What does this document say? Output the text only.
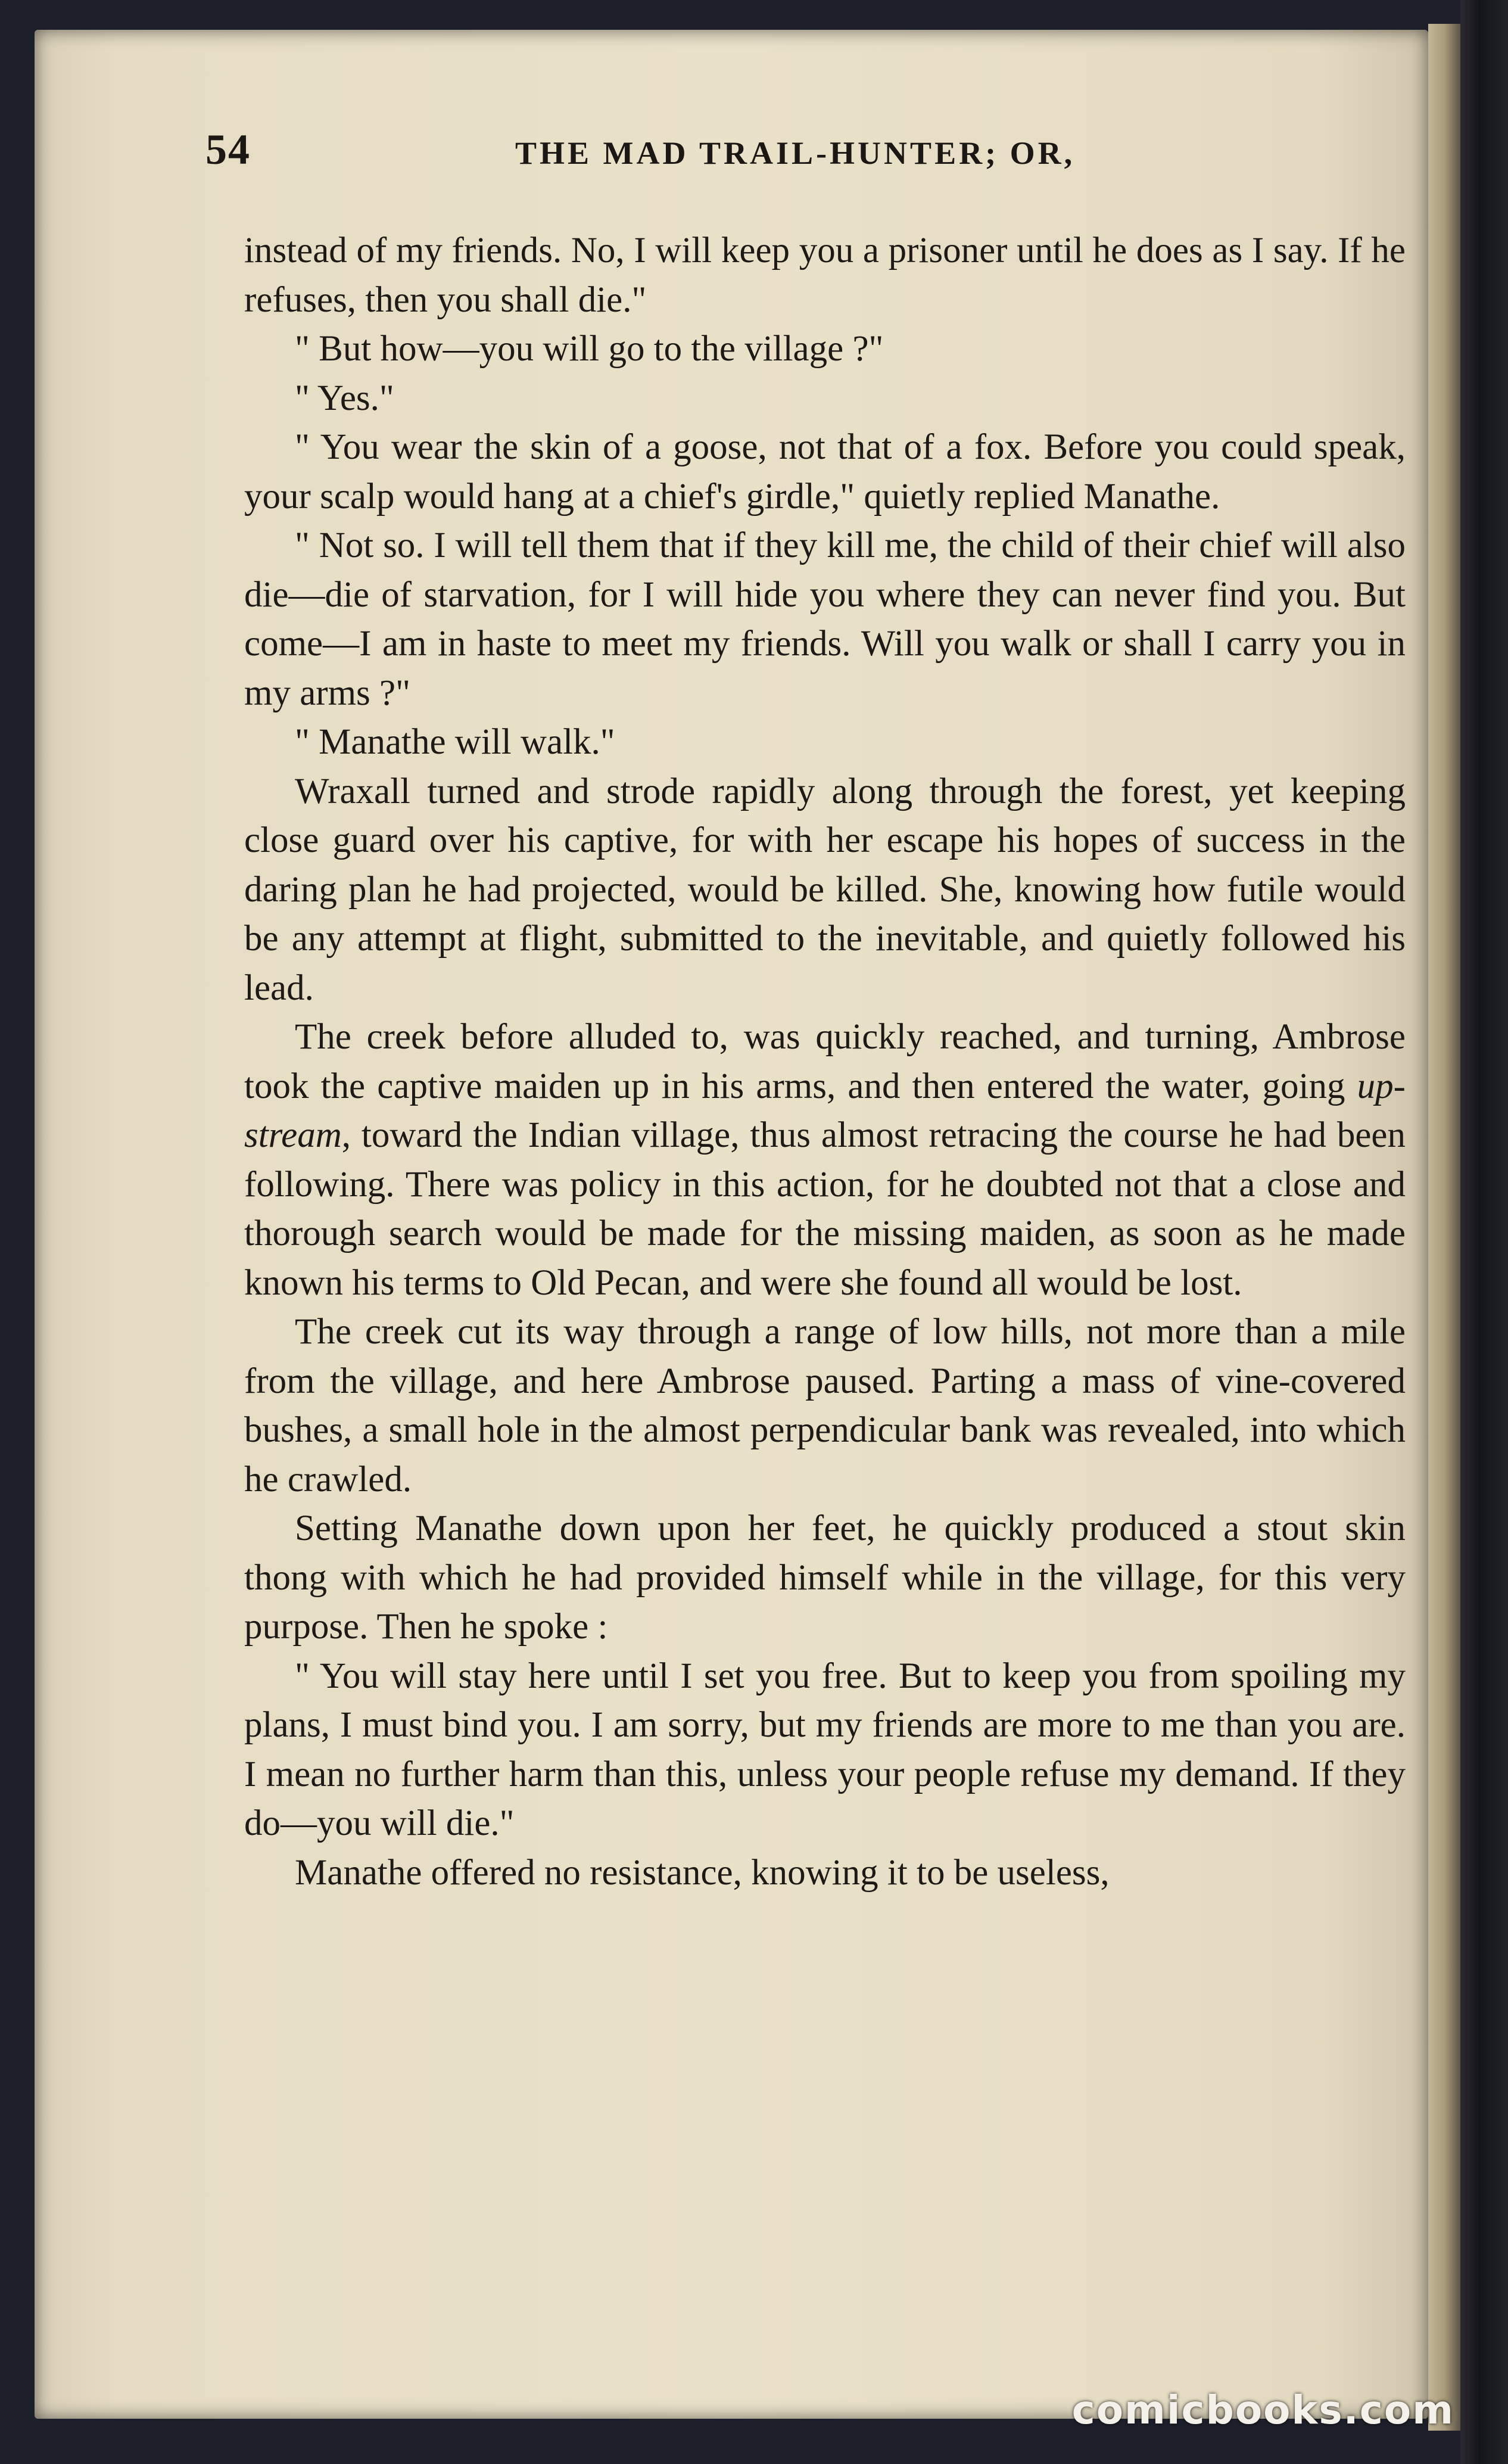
54	THE MAD TRAIL-HUNTER; OR,

instead of my friends. No, I will keep you a prisoner until he does as I say. If he refuses, then you shall die."

" But how—you will go to the village ?"

" Yes."

" You wear the skin of a goose, not that of a fox. Before you could speak, your scalp would hang at a chief's girdle," quietly replied Manathe.

" Not so. I will tell them that if they kill me, the child of their chief will also die—die of starvation, for I will hide you where they can never find you. But come—I am in haste to meet my friends. Will you walk or shall I carry you in my arms ?"

" Manathe will walk."

Wraxall turned and strode rapidly along through the forest, yet keeping close guard over his captive, for with her escape his hopes of success in the daring plan he had projected, would be killed. She, knowing how futile would be any attempt at flight, submitted to the inevitable, and quietly followed his lead.

The creek before alluded to, was quickly reached, and turning, Ambrose took the captive maiden up in his arms, and then entered the water, going up-stream, toward the Indian village, thus almost retracing the course he had been following. There was policy in this action, for he doubted not that a close and thorough search would be made for the missing maiden, as soon as he made known his terms to Old Pecan, and were she found all would be lost.

The creek cut its way through a range of low hills, not more than a mile from the village, and here Ambrose paused. Parting a mass of vine-covered bushes, a small hole in the almost perpendicular bank was revealed, into which he crawled.

Setting Manathe down upon her feet, he quickly produced a stout skin thong with which he had provided himself while in the village, for this very purpose. Then he spoke :

" You will stay here until I set you free. But to keep you from spoiling my plans, I must bind you. I am sorry, but my friends are more to me than you are. I mean no further harm than this, unless your people refuse my demand. If they do—you will die."

Manathe offered no resistance, knowing it to be useless,

comicbooks.com
